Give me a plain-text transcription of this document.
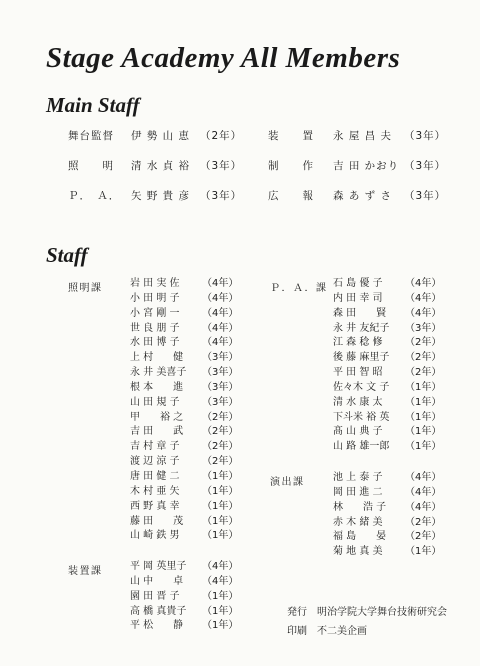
Stage Academy All Members
Main Staff
舞台監督 伊 勢 山 恵 （2年） 装　　置 永 屋 昌 夫 （3年）
照　　明 清 水 貞 裕 （3年） 制　　作 吉 田 かおり （3年）
Ｐ．　Ａ． 矢 野 貴 彦 （3年） 広　　報 森 あ ず さ （3年）
Staff
照明課	岩 田 実 佐 （4年）
小 田 明 子 （4年）
小 宮 剛 一 （4年）
世 良 朋 子 （4年）
水 田 博 子 （4年）
上 村　　健 （3年）
永 井 美喜子 （3年）
根 本　　進 （3年）
山 田 規 子 （3年）
甲　　裕 之 （2年）
吉 田　　武 （2年）
吉 村 章 子 （2年）
渡 辺 涼 子 （2年）
唐 田 健 二 （1年）
木 村 亜 矢 （1年）
西 野 真 幸 （1年）
藤 田　　茂 （1年）
山 崎 鉄 男 （1年）
装置課	平 岡 英里子 （4年）
山 中　　卓 （4年）
園 田 晋 子 （1年）
高 橋 真貴子 （1年）
平 松　　静 （1年）
Ｐ．Ａ．課 石 島 優 子 （4年）
内 田 幸 司 （4年）
森 田　　賢 （4年）
永 井 友紀子 （3年）
江 森 稔 修 （2年）
後 藤 麻里子 （2年）
平 田 智 昭 （2年）
佐々木 文 子 （1年）
清 水 康 太 （1年）
下斗米 裕 英 （1年）
髙 山 典 子 （1年）
山 路 雄一郎 （1年）
演出課	池 上 泰 子 （4年）
岡 田 進 二 （4年）
林　　浩 子 （4年）
赤 木 緒 美 （2年）
福 島　　晏 （2年）
菊 地 真 美 （1年）
発行 明治学院大学舞台技術研究会
印刷 不二美企画
